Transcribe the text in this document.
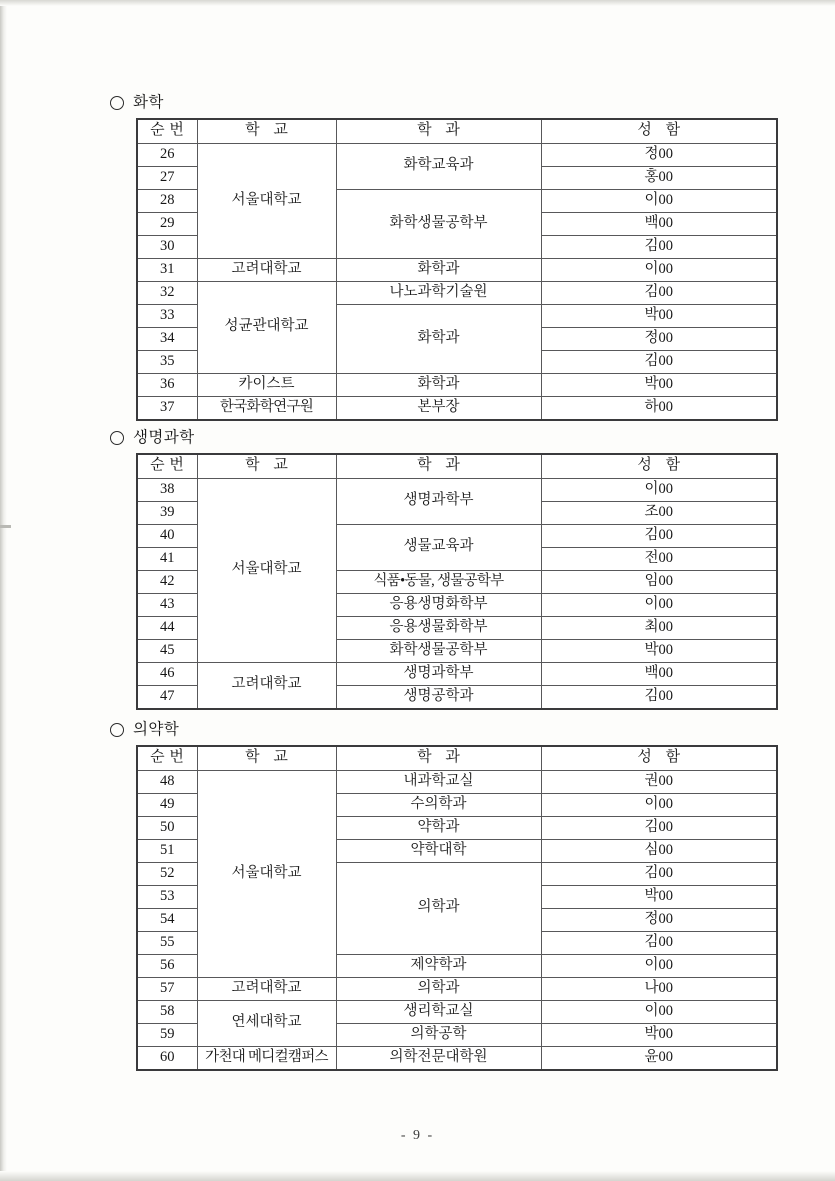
화학
순 번	학 교	학 과	성 함
26	서울대학교	화학교육과	정00
27			홍00
28		화학생물공학부	이00
29			백00
30			김00
31	고려대학교	화학과	이00
32	성균관대학교	나노과학기술원	김00
33		화학과	박00
34			정00
35			김00
36	카이스트	화학과	박00
37	한국화학연구원	본부장	하00
생명과학
순 번	학 교	학 과	성 함
38	서울대학교	생명과학부	이00
39			조00
40		생물교육과	김00
41			전00
42		식품•동물, 생물공학부	임00
43		응용생명화학부	이00
44		응용생물화학부	최00
45		화학생물공학부	박00
46	고려대학교	생명과학부	백00
47		생명공학과	김00
의약학
순 번	학 교	학 과	성 함
48	서울대학교	내과학교실	권00
49		수의학과	이00
50		약학과	김00
51		약학대학	심00
52		의학과	김00
53			박00
54			정00
55			김00
56		제약학과	이00
57	고려대학교	의학과	나00
58	연세대학교	생리학교실	이00
59		의학공학	박00
60	가천대 메디컬캠퍼스	의학전문대학원	윤00
- 9 -
